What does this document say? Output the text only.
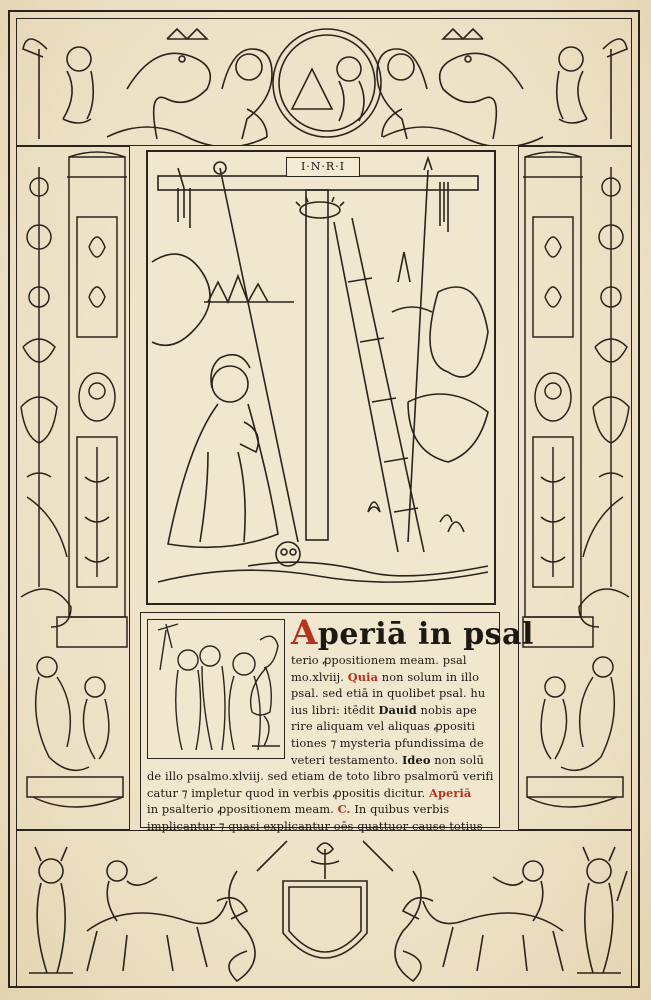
I·N·R·I
Aperiā in psal
terio ꝓpositionem meam. psal
mo.xlviij. Quia non solum in illo
psal. sed etiā in quolibet psal. hu
ius libri: itēdit Dauid nobis ape
rire aliquam vel aliquas ꝓpositi
tiones ⁊ mysteria pfundissima de
veteri testamento. Ideo non solū
de illo psalmo.xlviij. sed etiam de toto libro psalmorū verifi
catur ⁊ impletur quod in verbis ꝓpositis dicitur. Aperiā
in psalterio ꝓpositionem meam. C. In quibus verbis
implicantur ⁊ quasi explicantur oēs quattuor cause totius
